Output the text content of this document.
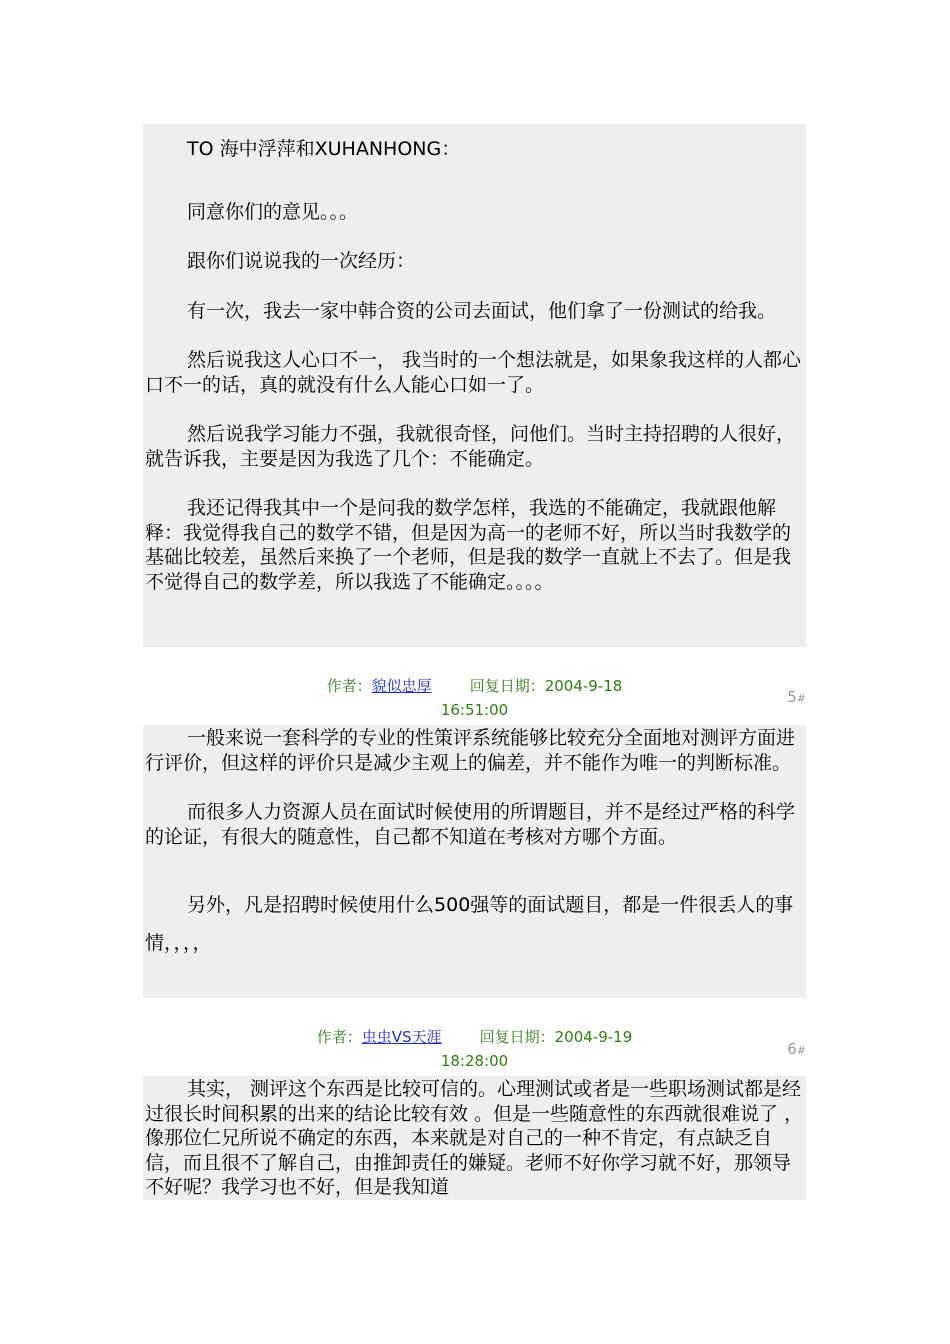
TO 海中浮萍和XUHANHONG：

同意你们的意见。。。

跟你们说说我的一次经历：

有一次，我去一家中韩合资的公司去面试，他们拿了一份测试的给我。

然后说我这人心口不一， 我当时的一个想法就是，如果象我这样的人都心口不一的话，真的就没有什么人能心口如一了。

然后说我学习能力不强，我就很奇怪，问他们。当时主持招聘的人很好，就告诉我，主要是因为我选了几个：不能确定。

我还记得我其中一个是问我的数学怎样，我选的不能确定，我就跟他解释：我觉得我自己的数学不错，但是因为高一的老师不好，所以当时我数学的基础比较差，虽然后来换了一个老师，但是我的数学一直就上不去了。但是我不觉得自己的数学差，所以我选了不能确定。。。。

作者：貌似忠厚	回复日期：2004-9-18
16:51:00
5#

一般来说一套科学的专业的性策评系统能够比较充分全面地对测评方面进行评价，但这样的评价只是减少主观上的偏差，并不能作为唯一的判断标准。

而很多人力资源人员在面试时候使用的所谓题目，并不是经过严格的科学的论证，有很大的随意性，自己都不知道在考核对方哪个方面。

另外，凡是招聘时候使用什么500强等的面试题目，都是一件很丢人的事情，，，，

作者：虫虫VS天涯	回复日期：2004-9-19
18:28:00
6#

其实， 测评这个东西是比较可信的。心理测试或者是一些职场测试都是经过很长时间积累的出来的结论比较有效 。但是一些随意性的东西就很难说了 ，像那位仁兄所说不确定的东西，本来就是对自己的一种不肯定，有点缺乏自信，而且很不了解自己，由推卸责任的嫌疑。老师不好你学习就不好，那领导不好呢？我学习也不好，但是我知道
